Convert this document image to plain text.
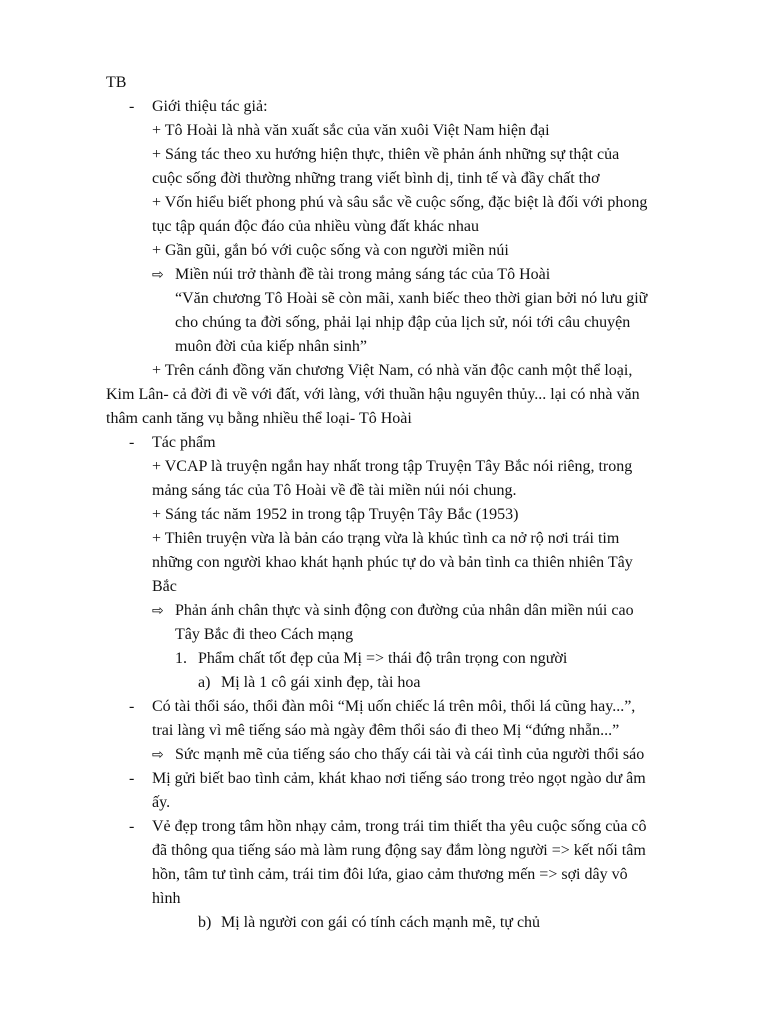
TB
- Giới thiệu tác giả:
+ Tô Hoài là nhà văn xuất sắc của văn xuôi Việt Nam hiện đại
+ Sáng tác theo xu hướng hiện thực, thiên về phản ánh những sự thật của
cuộc sống đời thường những trang viết bình dị, tinh tế và đầy chất thơ
+ Vốn hiểu biết phong phú và sâu sắc về cuộc sống, đặc biệt là đối với phong
tục tập quán độc đáo của nhiều vùng đất khác nhau
+ Gần gũi, gắn bó với cuộc sống và con người miền núi
⇨ Miền núi trở thành đề tài trong mảng sáng tác của Tô Hoài
“Văn chương Tô Hoài sẽ còn mãi, xanh biếc theo thời gian bởi nó lưu giữ
cho chúng ta đời sống, phải lại nhịp đập của lịch sử, nói tới câu chuyện
muôn đời của kiếp nhân sinh”
+ Trên cánh đồng văn chương Việt Nam, có nhà văn độc canh một thể loại,
Kim Lân- cả đời đi về với đất, với làng, với thuần hậu nguyên thủy... lại có nhà văn
thâm canh tăng vụ bằng nhiều thể loại- Tô Hoài
- Tác phẩm
+ VCAP là truyện ngắn hay nhất trong tập Truyện Tây Bắc nói riêng, trong
mảng sáng tác của Tô Hoài về đề tài miền núi nói chung.
+ Sáng tác năm 1952 in trong tập Truyện Tây Bắc (1953)
+ Thiên truyện vừa là bản cáo trạng vừa là khúc tình ca nở rộ nơi trái tim
những con người khao khát hạnh phúc tự do và bản tình ca thiên nhiên Tây
Bắc
⇨ Phản ánh chân thực và sinh động con đường của nhân dân miền núi cao
Tây Bắc đi theo Cách mạng
1. Phẩm chất tốt đẹp của Mị => thái độ trân trọng con người
a) Mị là 1 cô gái xinh đẹp, tài hoa
- Có tài thổi sáo, thổi đàn môi “Mị uốn chiếc lá trên môi, thổi lá cũng hay...”,
trai làng vì mê tiếng sáo mà ngày đêm thổi sáo đi theo Mị “đứng nhẵn...”
⇨ Sức mạnh mẽ của tiếng sáo cho thấy cái tài và cái tình của người thổi sáo
- Mị gửi biết bao tình cảm, khát khao nơi tiếng sáo trong trẻo ngọt ngào dư âm
ấy.
- Vẻ đẹp trong tâm hồn nhạy cảm, trong trái tim thiết tha yêu cuộc sống của cô
đã thông qua tiếng sáo mà làm rung động say đắm lòng người => kết nối tâm
hồn, tâm tư tình cảm, trái tim đôi lứa, giao cảm thương mến => sợi dây vô
hình
b) Mị là người con gái có tính cách mạnh mẽ, tự chủ
